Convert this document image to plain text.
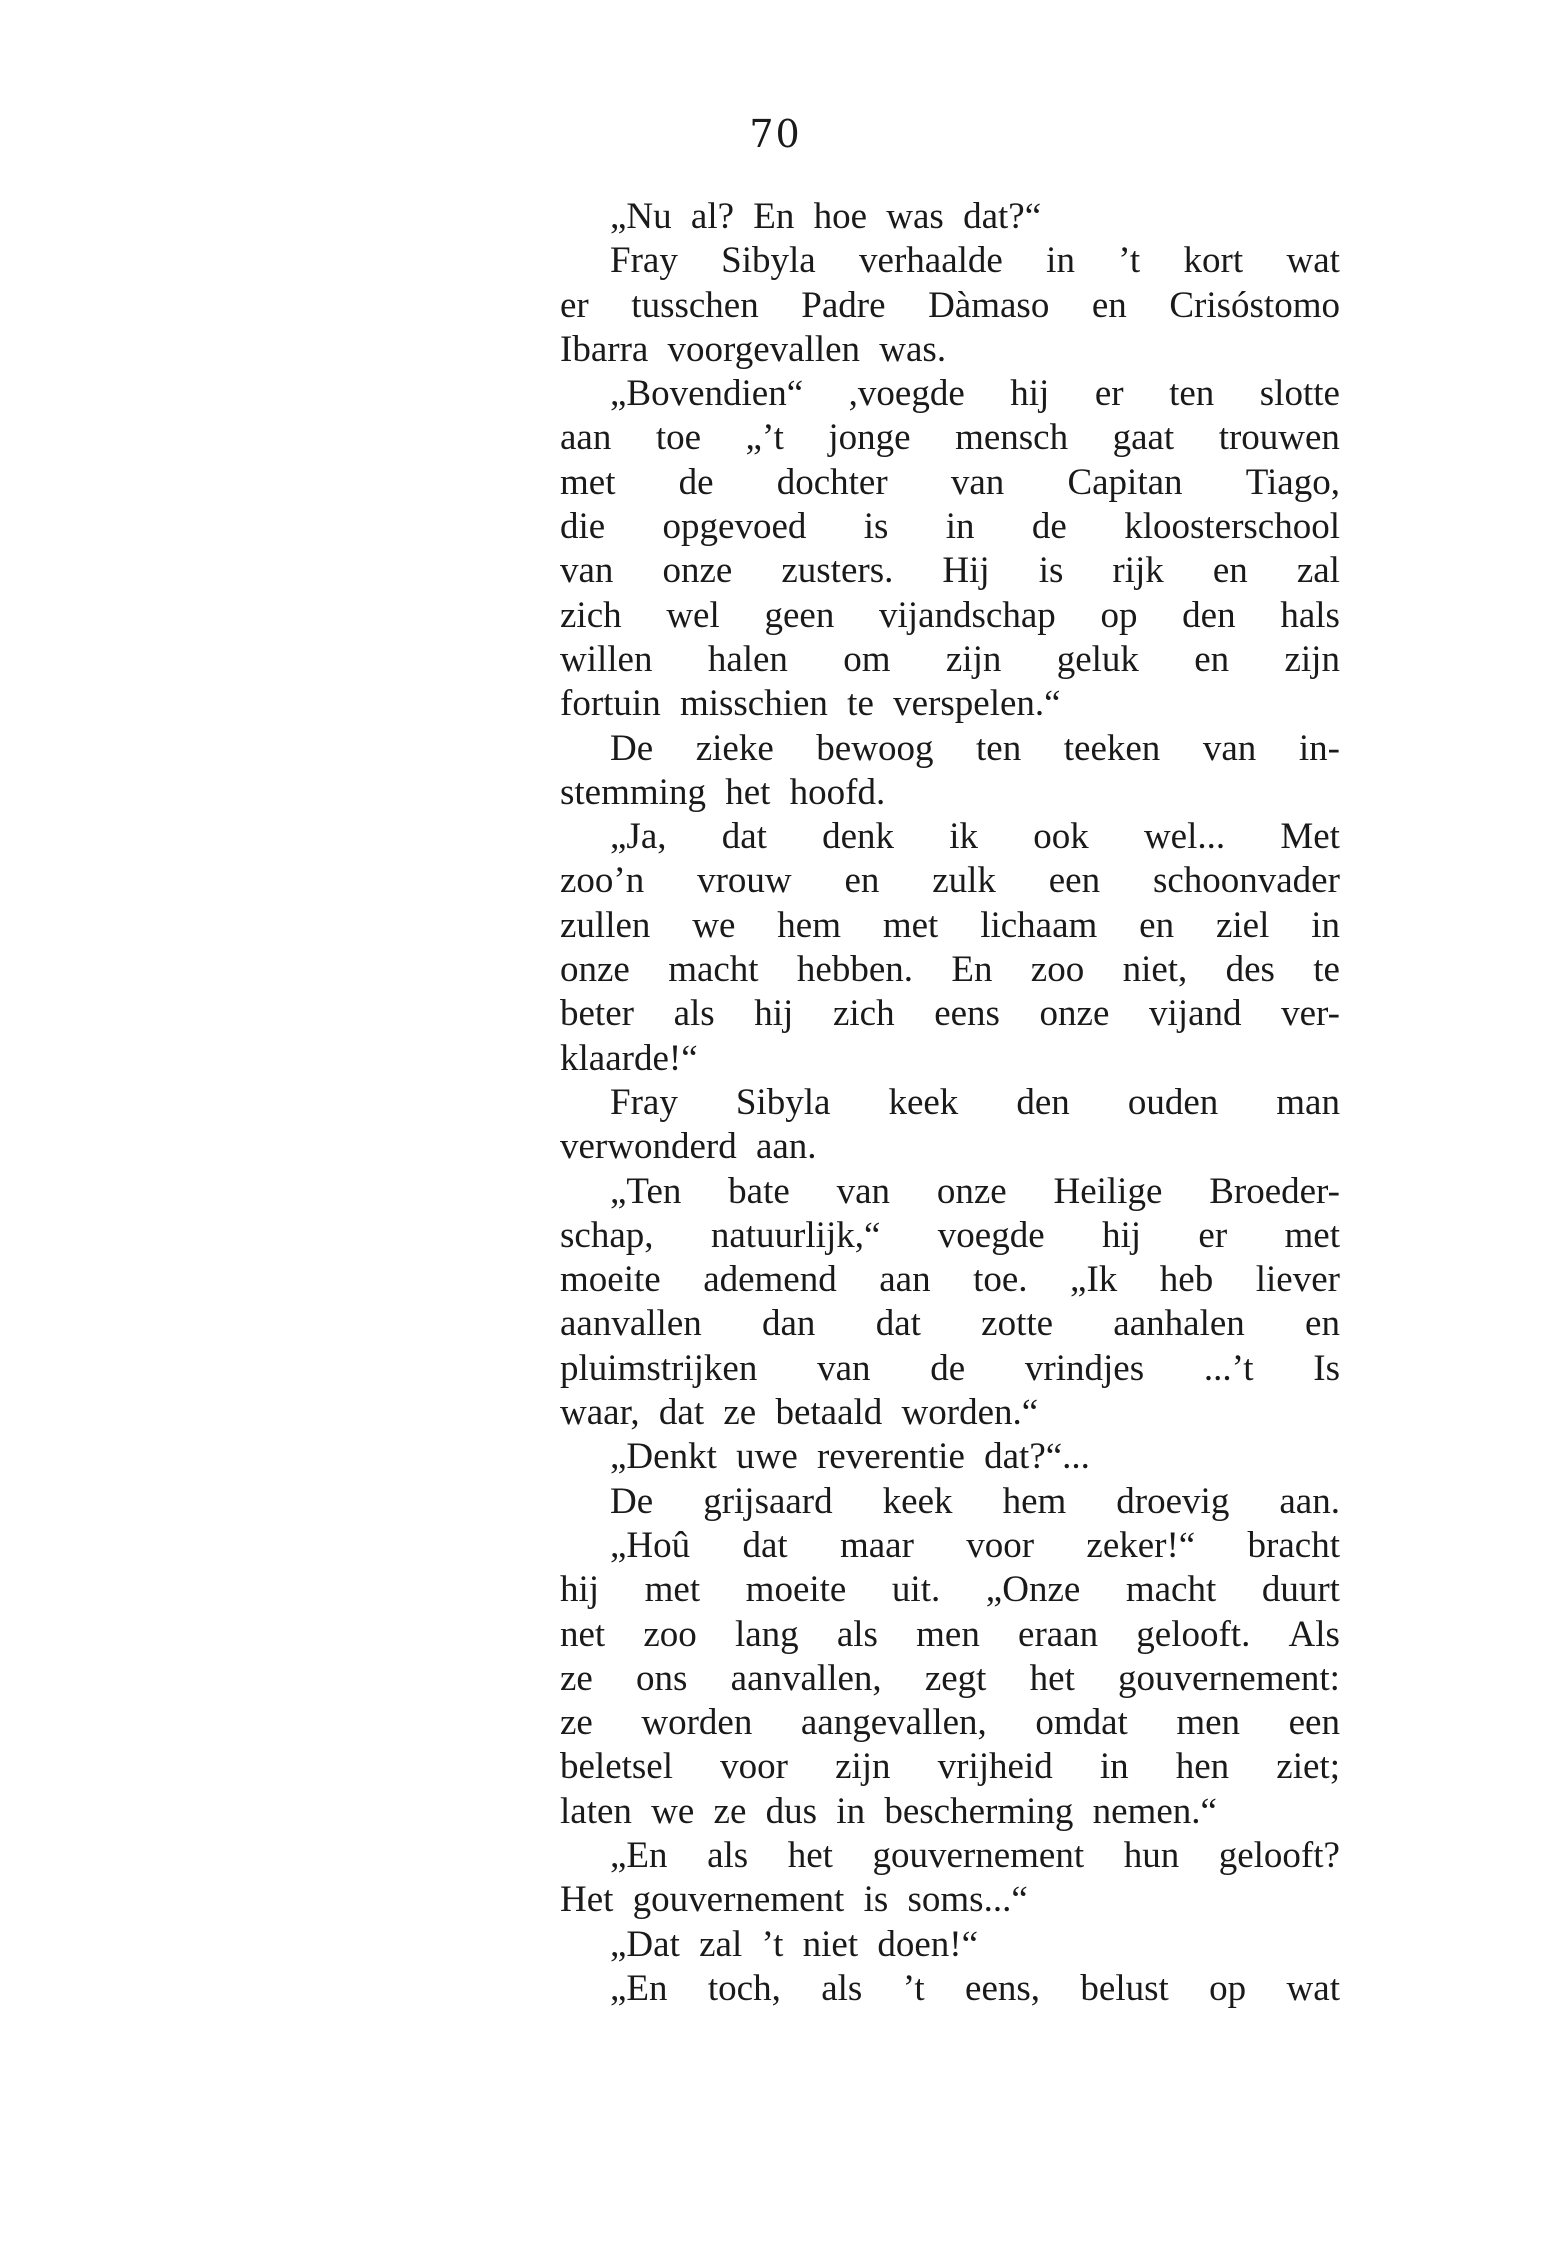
70
„Nu al? En hoe was dat?“
Fray Sibyla verhaalde in ’t kort wat
er tusschen Padre Dàmaso en Crisóstomo
Ibarra voorgevallen was.
„Bovendien“ ,voegde hij er ten slotte
aan toe „’t jonge mensch gaat trouwen
met de dochter van Capitan Tiago,
die opgevoed is in de kloosterschool
van onze zusters. Hij is rijk en zal
zich wel geen vijandschap op den hals
willen halen om zijn geluk en zijn
fortuin misschien te verspelen.“
De zieke bewoog ten teeken van in-
stemming het hoofd.
„Ja, dat denk ik ook wel... Met
zoo’n vrouw en zulk een schoonvader
zullen we hem met lichaam en ziel in
onze macht hebben. En zoo niet, des te
beter als hij zich eens onze vijand ver-
klaarde!“
Fray Sibyla keek den ouden man
verwonderd aan.
„Ten bate van onze Heilige Broeder-
schap, natuurlijk,“ voegde hij er met
moeite ademend aan toe. „Ik heb liever
aanvallen dan dat zotte aanhalen en
pluimstrijken van de vrindjes ...’t Is
waar, dat ze betaald worden.“
„Denkt uwe reverentie dat?“...
De grijsaard keek hem droevig aan.
„Hoû dat maar voor zeker!“ bracht
hij met moeite uit. „Onze macht duurt
net zoo lang als men eraan gelooft. Als
ze ons aanvallen, zegt het gouvernement:
ze worden aangevallen, omdat men een
beletsel voor zijn vrijheid in hen ziet;
laten we ze dus in bescherming nemen.“
„En als het gouvernement hun gelooft?
Het gouvernement is soms...“
„Dat zal ’t niet doen!“
„En toch, als ’t eens, belust op wat
